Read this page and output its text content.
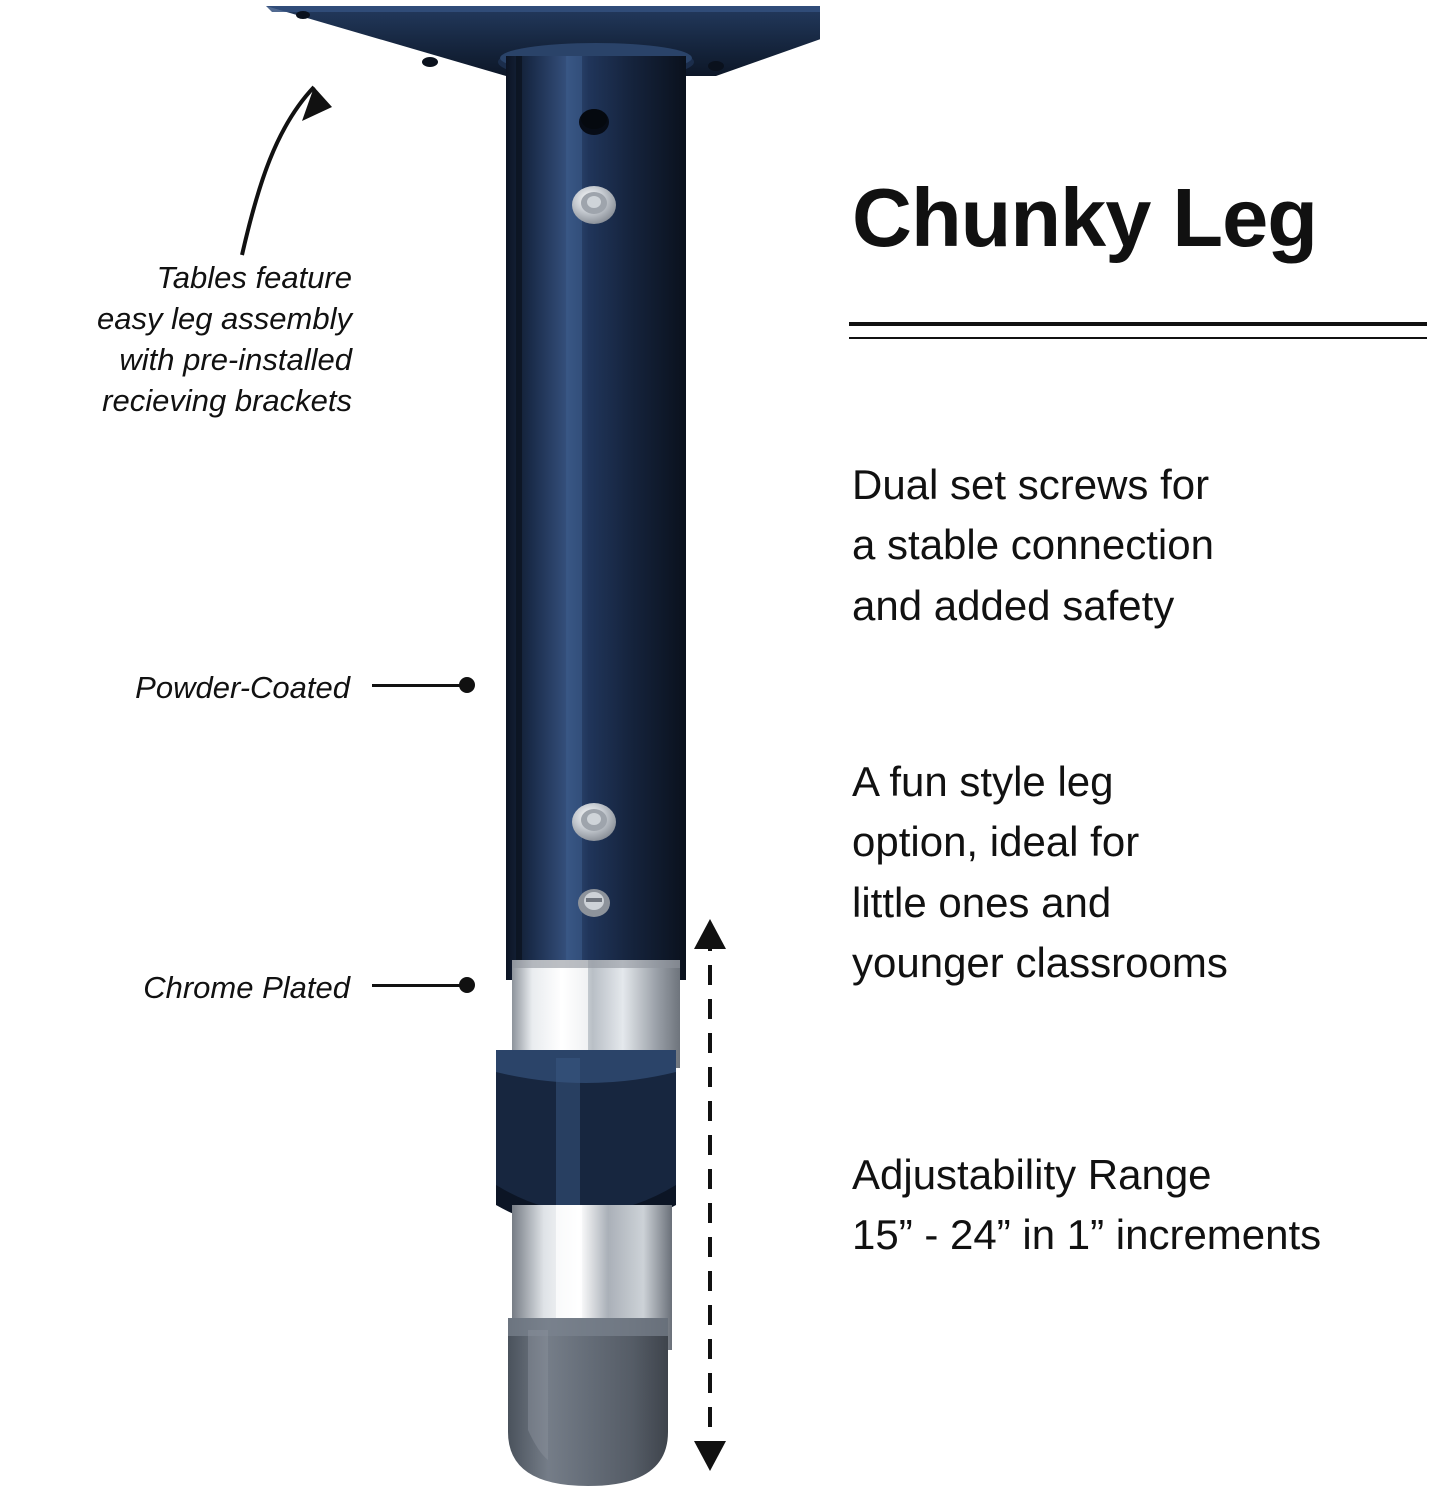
Tables feature
easy leg assembly
with pre-installed
recieving brackets
Powder-Coated
Chrome Plated
Chunky Leg
Dual set screws for
a stable connection
and added safety
A fun style leg
option, ideal for
little ones and
younger classrooms
Adjustability Range
15” - 24” in 1” increments
